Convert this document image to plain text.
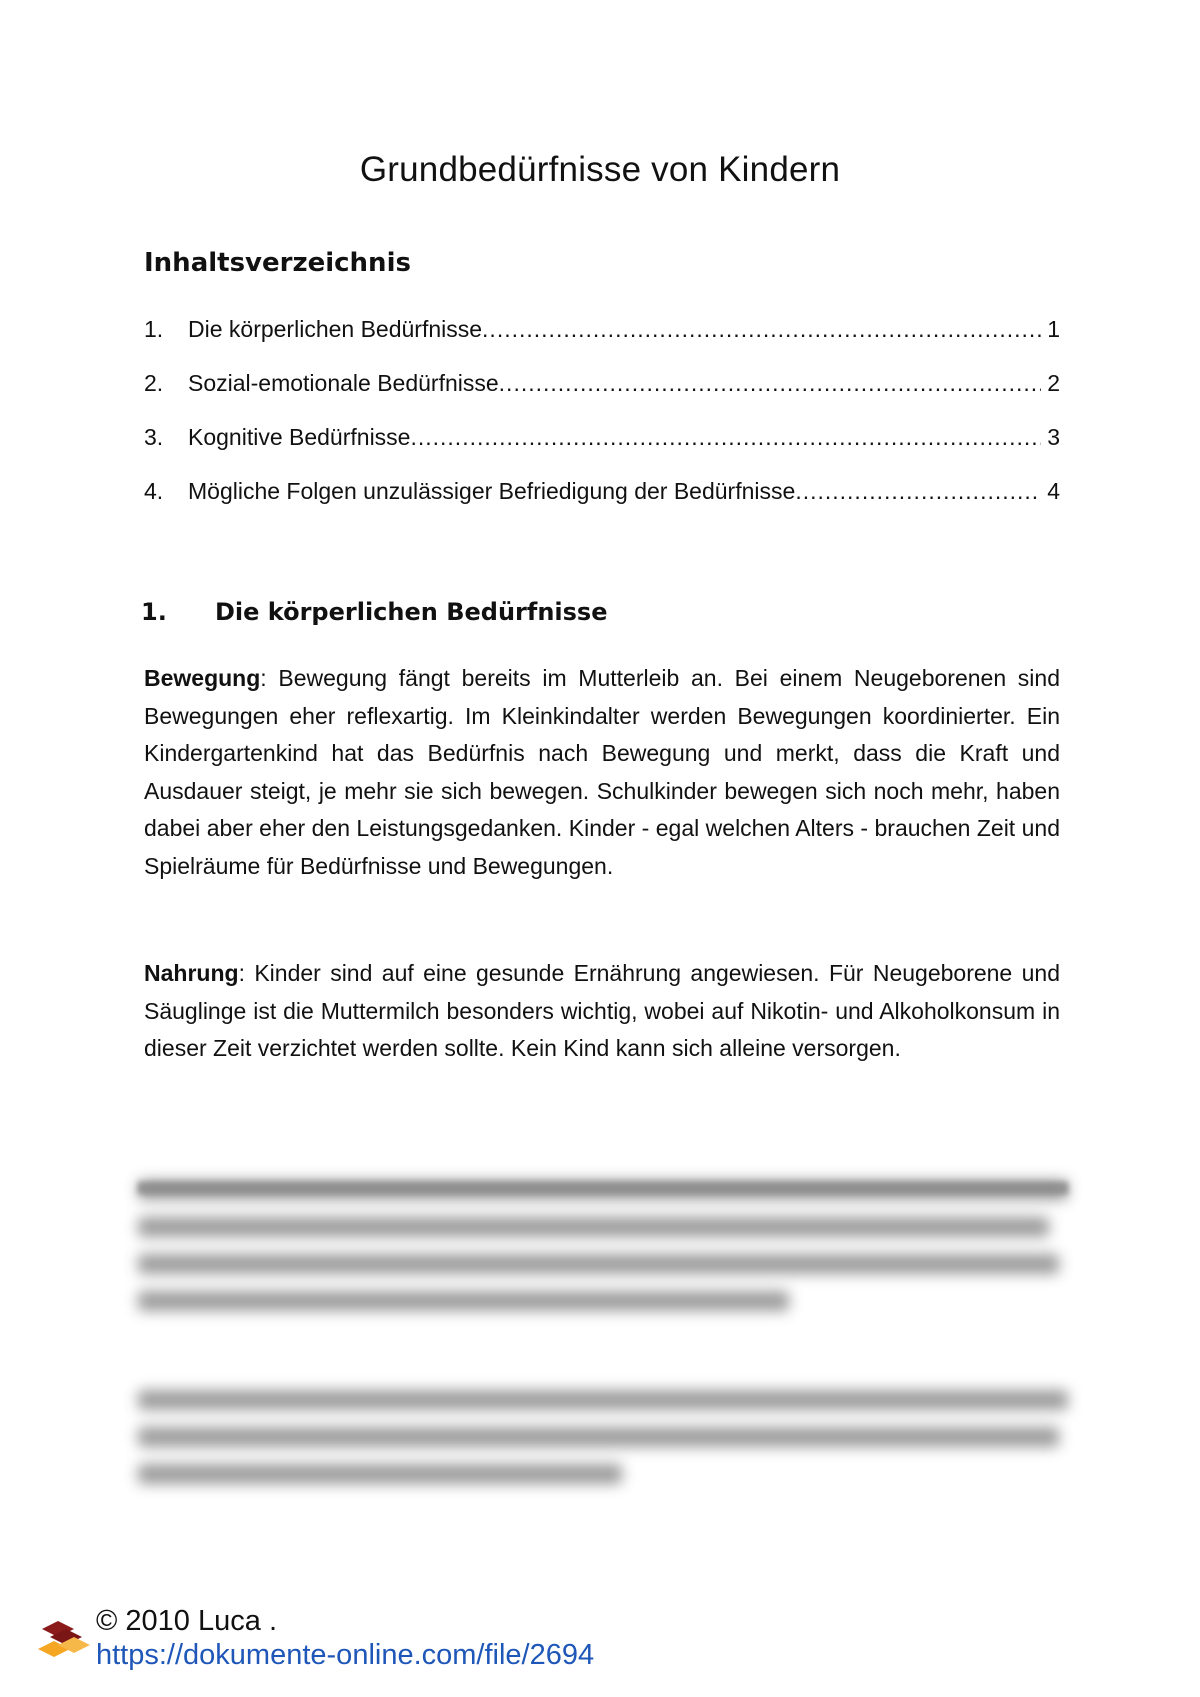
Grundbedürfnisse von Kindern
Inhaltsverzeichnis
1.	Die körperlichen Bedürfnisse .....	1
2.	Sozial-emotionale Bedürfnisse .....	2
3.	Kognitive Bedürfnisse .....	3
4.	Mögliche Folgen unzulässiger Befriedigung der Bedürfnisse .....	4
1.	Die körperlichen Bedürfnisse

Bewegung: Bewegung fängt bereits im Mutterleib an. Bei einem Neugeborenen sind Bewegungen eher reflexartig. Im Kleinkindalter werden Bewegungen koordinierter. Ein Kindergartenkind hat das Bedürfnis nach Bewegung und merkt, dass die Kraft und Ausdauer steigt, je mehr sie sich bewegen. Schulkinder bewegen sich noch mehr, haben dabei aber eher den Leistungsgedanken. Kinder - egal welchen Alters - brauchen Zeit und Spielräume für Bedürfnisse und Bewegungen.

Nahrung: Kinder sind auf eine gesunde Ernährung angewiesen. Für Neugeborene und Säuglinge ist die Muttermilch besonders wichtig, wobei auf Nikotin- und Alkoholkonsum in dieser Zeit verzichtet werden sollte. Kein Kind kann sich alleine versorgen.

© 2010 Luca .
https://dokumente-online.com/file/2694
